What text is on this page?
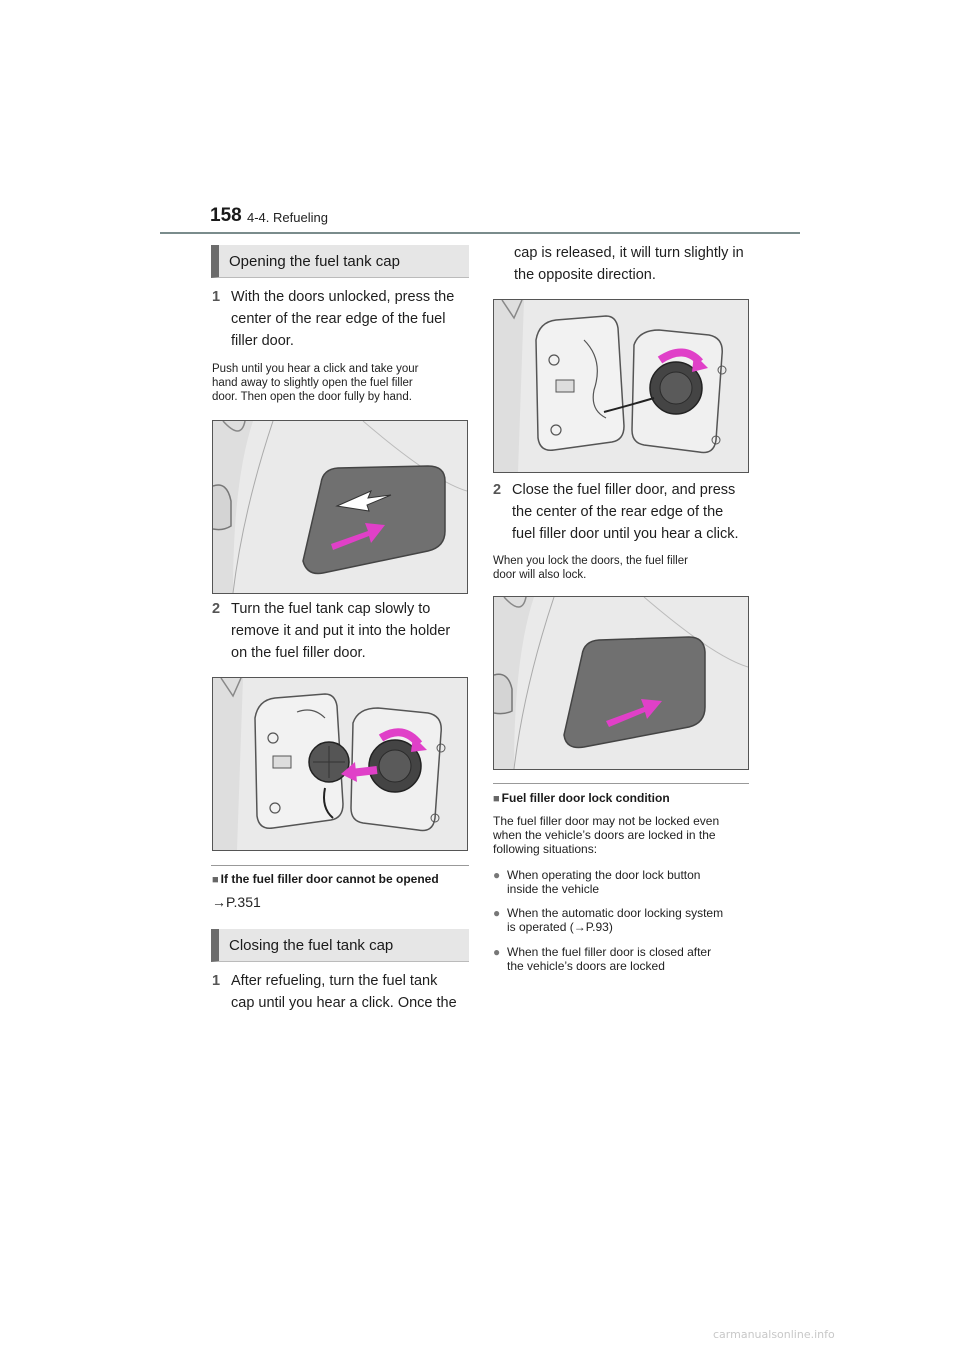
158 4-4. Refueling
Opening the fuel tank cap
1 With the doors unlocked, press the
center of the rear edge of the fuel
filler door.
Push until you hear a click and take your
hand away to slightly open the fuel filler
door. Then open the door fully by hand.
2 Turn the fuel tank cap slowly to
remove it and put it into the holder
on the fuel filler door.
■ If the fuel filler door cannot be opened
→P.351
Closing the fuel tank cap
1 After refueling, turn the fuel tank
cap until you hear a click. Once the
cap is released, it will turn slightly in
the opposite direction.
2 Close the fuel filler door, and press
the center of the rear edge of the
fuel filler door until you hear a click.
When you lock the doors, the fuel filler
door will also lock.
■ Fuel filler door lock condition
The fuel filler door may not be locked even
when the vehicle’s doors are locked in the
following situations:
● When operating the door lock button
inside the vehicle
● When the automatic door locking system
is operated (→P.93)
● When the fuel filler door is closed after
the vehicle’s doors are locked
carmanualsonline.info
